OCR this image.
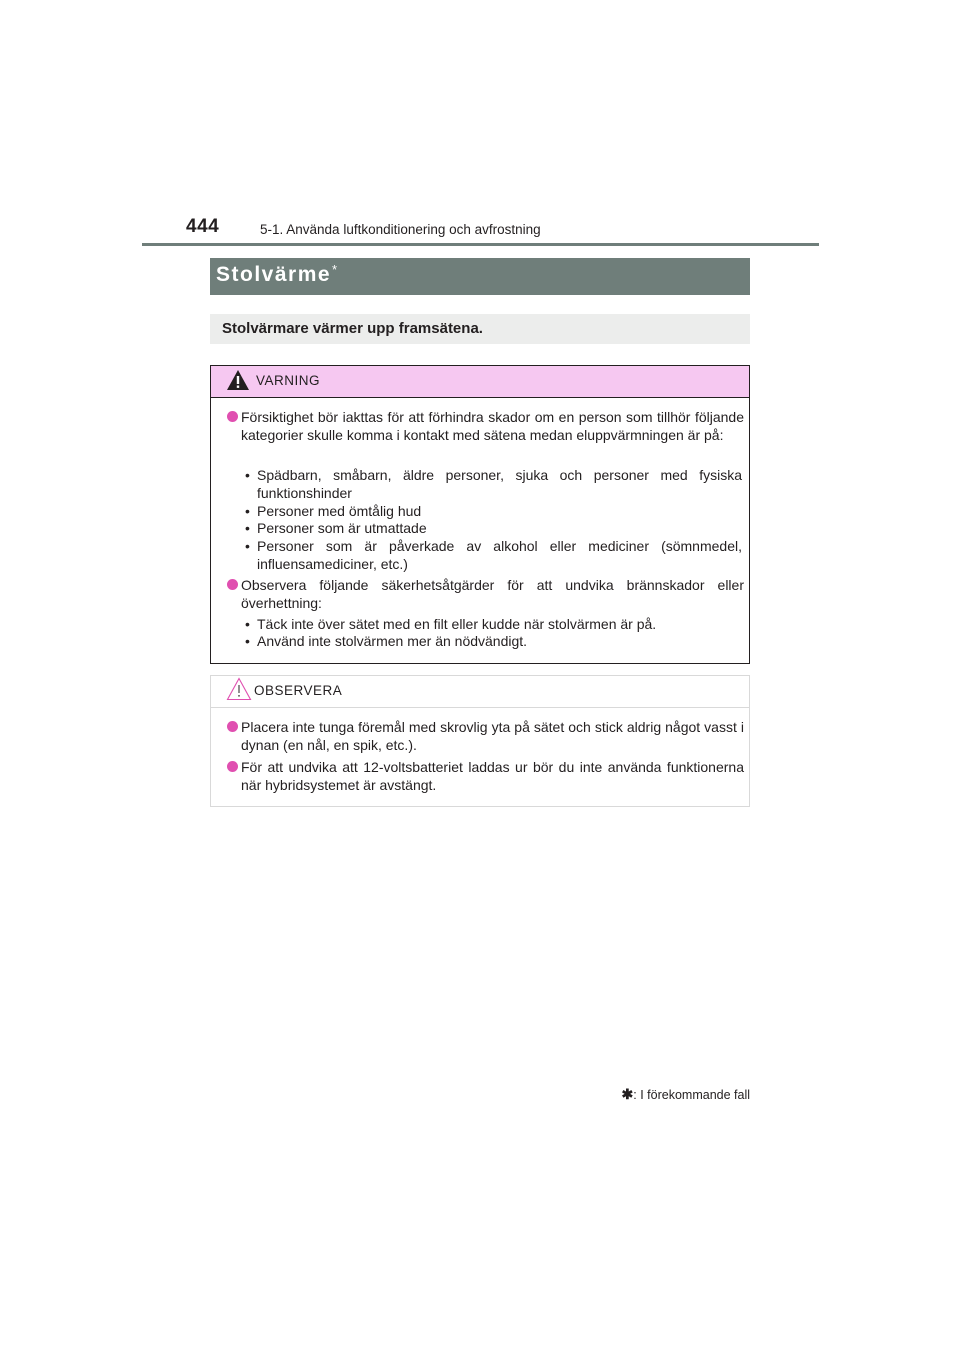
444	5-1. Använda luftkonditionering och avfrostning
Stolvärme*
Stolvärmare värmer upp framsätena.
VARNING
Försiktighet bör iakttas för att förhindra skador om en person som tillhör följande kategorier skulle komma i kontakt med sätena medan eluppvärmningen är på:
• Spädbarn, småbarn, äldre personer, sjuka och personer med fysiska funktionshinder
• Personer med ömtålig hud
• Personer som är utmattade
• Personer som är påverkade av alkohol eller mediciner (sömnmedel, influensamediciner, etc.)
Observera följande säkerhetsåtgärder för att undvika brännskador eller överhettning:
• Täck inte över sätet med en filt eller kudde när stolvärmen är på.
• Använd inte stolvärmen mer än nödvändigt.
OBSERVERA
Placera inte tunga föremål med skrovlig yta på sätet och stick aldrig något vasst i dynan (en nål, en spik, etc.).
För att undvika att 12-voltsbatteriet laddas ur bör du inte använda funktionerna när hybridsystemet är avstängt.
✱: I förekommande fall
